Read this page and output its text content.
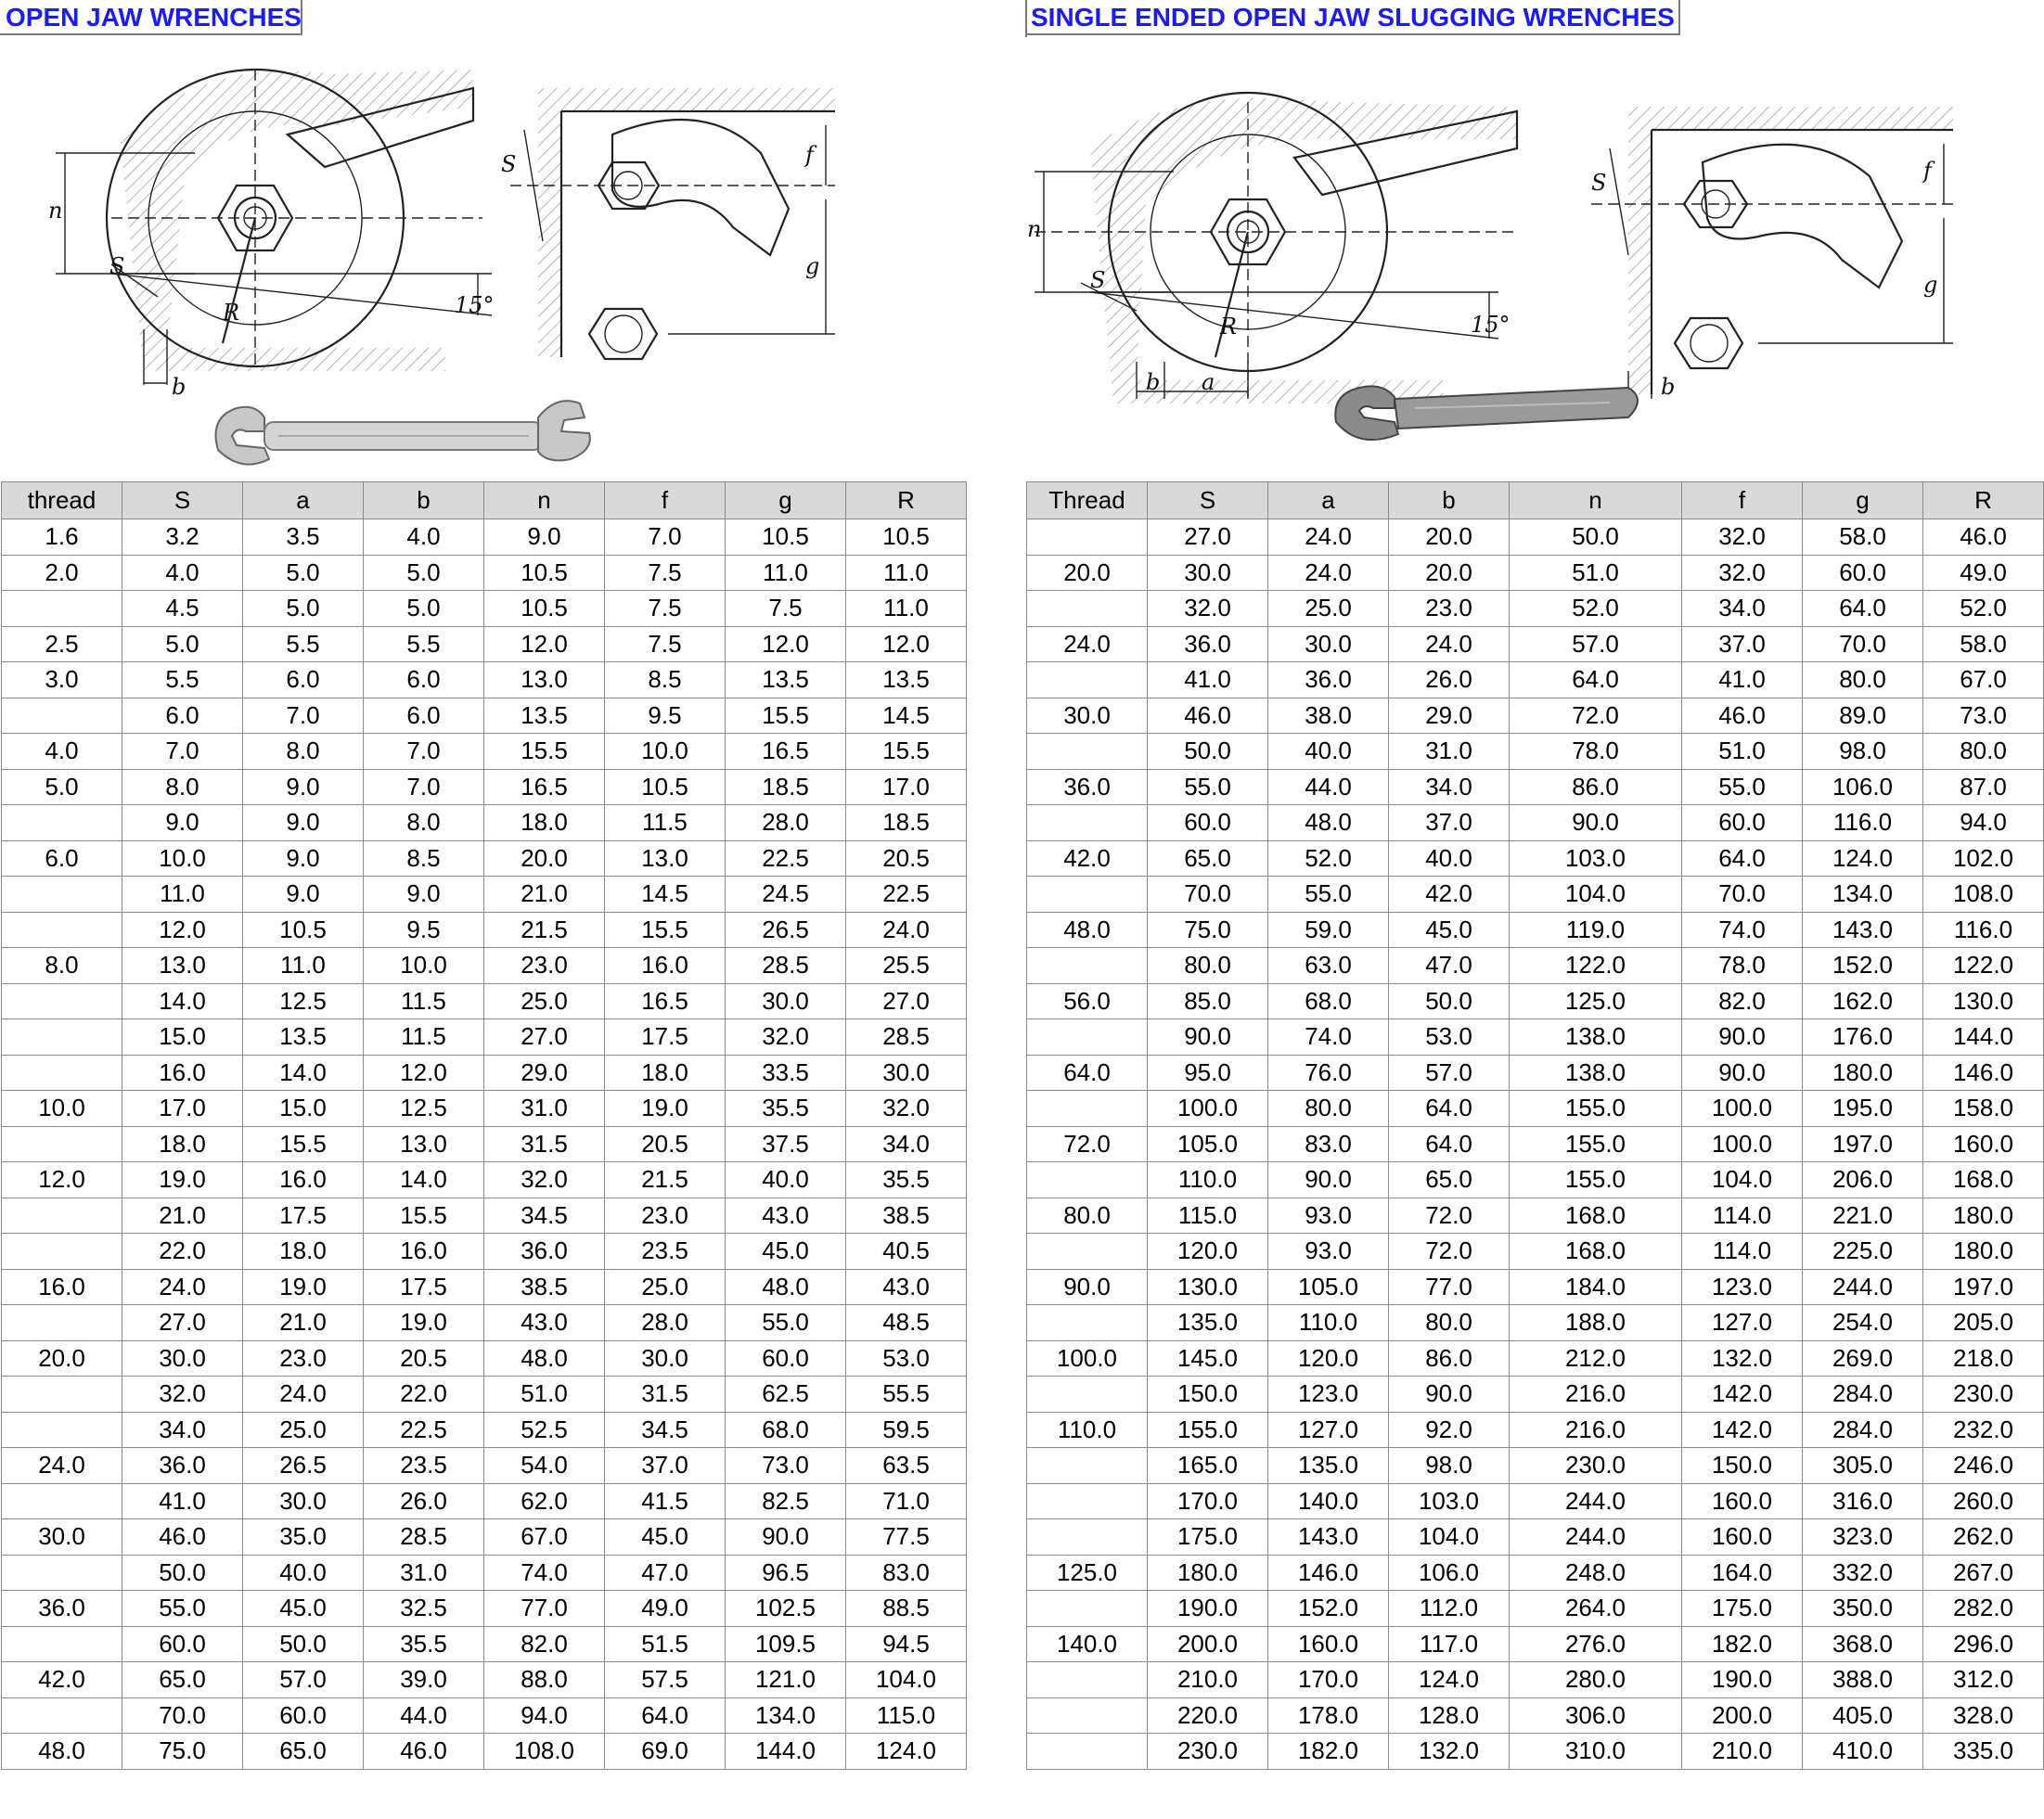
OPEN JAW WRENCHES	SINGLE ENDED OPEN JAW SLUGGING WRENCHES
n
S
R	15°
b
f
g
S
n
S
R	15°
b a
f
g
S
b
thread	S	a	b	n	f	g	R
1.6	3.2	3.5	4.0	9.0	7.0	10.5	10.5
2.0	4.0	5.0	5.0	10.5	7.5	11.0	11.0
	4.5	5.0	5.0	10.5	7.5	7.5	11.0
2.5	5.0	5.5	5.5	12.0	7.5	12.0	12.0
3.0	5.5	6.0	6.0	13.0	8.5	13.5	13.5
	6.0	7.0	6.0	13.5	9.5	15.5	14.5
4.0	7.0	8.0	7.0	15.5	10.0	16.5	15.5
5.0	8.0	9.0	7.0	16.5	10.5	18.5	17.0
	9.0	9.0	8.0	18.0	11.5	28.0	18.5
6.0	10.0	9.0	8.5	20.0	13.0	22.5	20.5
	11.0	9.0	9.0	21.0	14.5	24.5	22.5
	12.0	10.5	9.5	21.5	15.5	26.5	24.0
8.0	13.0	11.0	10.0	23.0	16.0	28.5	25.5
	14.0	12.5	11.5	25.0	16.5	30.0	27.0
	15.0	13.5	11.5	27.0	17.5	32.0	28.5
	16.0	14.0	12.0	29.0	18.0	33.5	30.0
10.0	17.0	15.0	12.5	31.0	19.0	35.5	32.0
	18.0	15.5	13.0	31.5	20.5	37.5	34.0
12.0	19.0	16.0	14.0	32.0	21.5	40.0	35.5
	21.0	17.5	15.5	34.5	23.0	43.0	38.5
	22.0	18.0	16.0	36.0	23.5	45.0	40.5
16.0	24.0	19.0	17.5	38.5	25.0	48.0	43.0
	27.0	21.0	19.0	43.0	28.0	55.0	48.5
20.0	30.0	23.0	20.5	48.0	30.0	60.0	53.0
	32.0	24.0	22.0	51.0	31.5	62.5	55.5
	34.0	25.0	22.5	52.5	34.5	68.0	59.5
24.0	36.0	26.5	23.5	54.0	37.0	73.0	63.5
	41.0	30.0	26.0	62.0	41.5	82.5	71.0
30.0	46.0	35.0	28.5	67.0	45.0	90.0	77.5
	50.0	40.0	31.0	74.0	47.0	96.5	83.0
36.0	55.0	45.0	32.5	77.0	49.0	102.5	88.5
	60.0	50.0	35.5	82.0	51.5	109.5	94.5
42.0	65.0	57.0	39.0	88.0	57.5	121.0	104.0
	70.0	60.0	44.0	94.0	64.0	134.0	115.0
48.0	75.0	65.0	46.0	108.0	69.0	144.0	124.0
Thread	S	a	b	n	f	g	R
	27.0	24.0	20.0	50.0	32.0	58.0	46.0
20.0	30.0	24.0	20.0	51.0	32.0	60.0	49.0
	32.0	25.0	23.0	52.0	34.0	64.0	52.0
24.0	36.0	30.0	24.0	57.0	37.0	70.0	58.0
	41.0	36.0	26.0	64.0	41.0	80.0	67.0
30.0	46.0	38.0	29.0	72.0	46.0	89.0	73.0
	50.0	40.0	31.0	78.0	51.0	98.0	80.0
36.0	55.0	44.0	34.0	86.0	55.0	106.0	87.0
	60.0	48.0	37.0	90.0	60.0	116.0	94.0
42.0	65.0	52.0	40.0	103.0	64.0	124.0	102.0
	70.0	55.0	42.0	104.0	70.0	134.0	108.0
48.0	75.0	59.0	45.0	119.0	74.0	143.0	116.0
	80.0	63.0	47.0	122.0	78.0	152.0	122.0
56.0	85.0	68.0	50.0	125.0	82.0	162.0	130.0
	90.0	74.0	53.0	138.0	90.0	176.0	144.0
64.0	95.0	76.0	57.0	138.0	90.0	180.0	146.0
	100.0	80.0	64.0	155.0	100.0	195.0	158.0
72.0	105.0	83.0	64.0	155.0	100.0	197.0	160.0
	110.0	90.0	65.0	155.0	104.0	206.0	168.0
80.0	115.0	93.0	72.0	168.0	114.0	221.0	180.0
	120.0	93.0	72.0	168.0	114.0	225.0	180.0
90.0	130.0	105.0	77.0	184.0	123.0	244.0	197.0
	135.0	110.0	80.0	188.0	127.0	254.0	205.0
100.0	145.0	120.0	86.0	212.0	132.0	269.0	218.0
	150.0	123.0	90.0	216.0	142.0	284.0	230.0
110.0	155.0	127.0	92.0	216.0	142.0	284.0	232.0
	165.0	135.0	98.0	230.0	150.0	305.0	246.0
	170.0	140.0	103.0	244.0	160.0	316.0	260.0
	175.0	143.0	104.0	244.0	160.0	323.0	262.0
125.0	180.0	146.0	106.0	248.0	164.0	332.0	267.0
	190.0	152.0	112.0	264.0	175.0	350.0	282.0
140.0	200.0	160.0	117.0	276.0	182.0	368.0	296.0
	210.0	170.0	124.0	280.0	190.0	388.0	312.0
	220.0	178.0	128.0	306.0	200.0	405.0	328.0
	230.0	182.0	132.0	310.0	210.0	410.0	335.0
